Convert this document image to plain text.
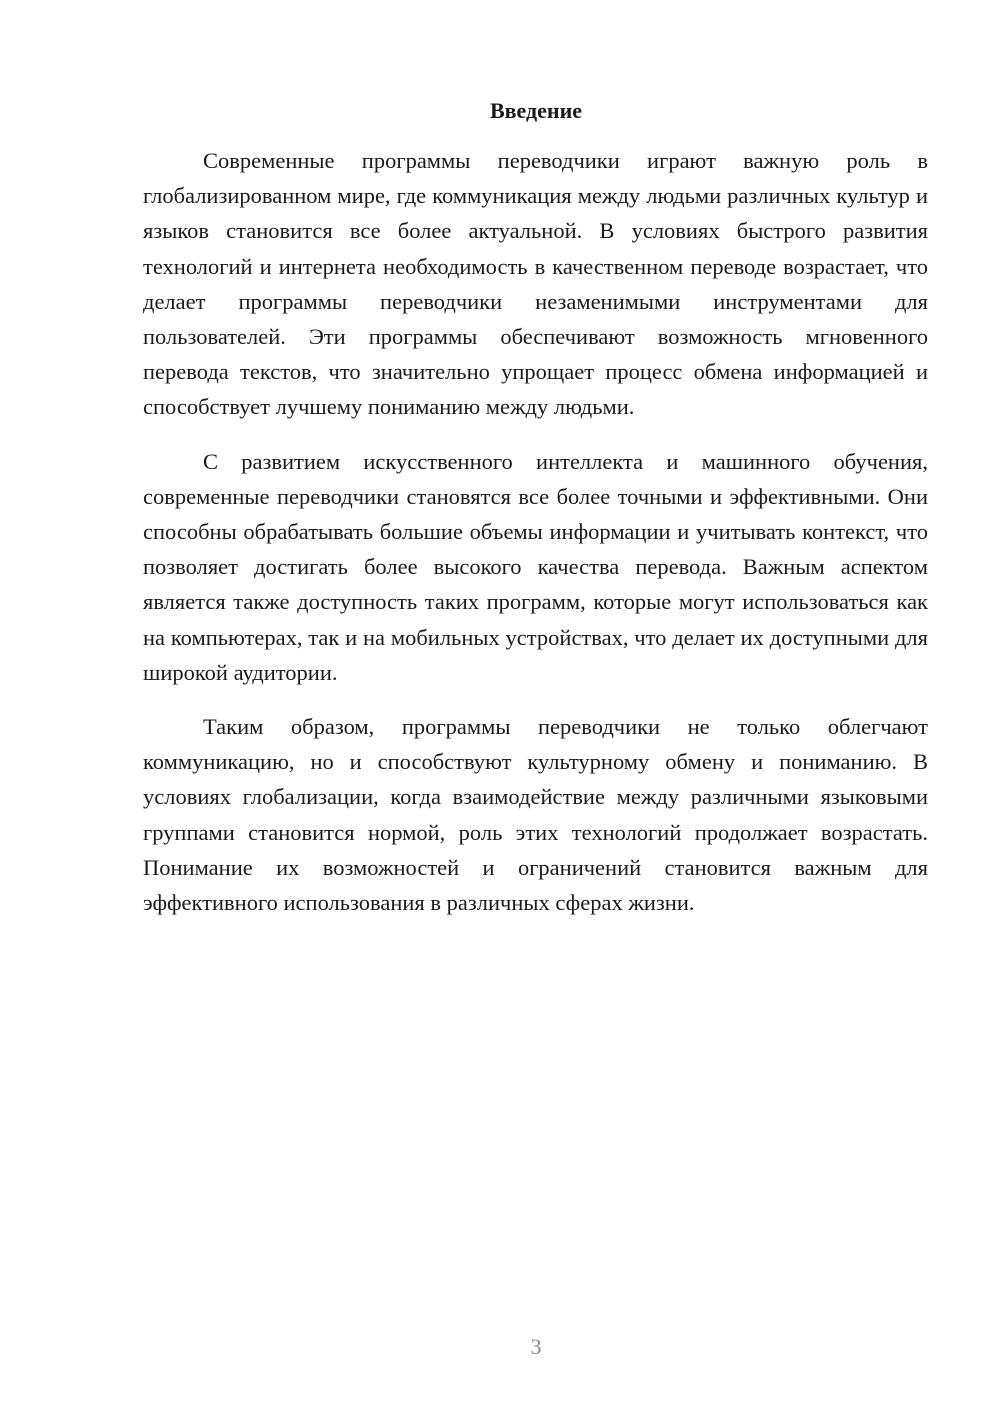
Введение

Современные программы переводчики играют важную роль в глобализированном мире, где коммуникация между людьми различных культур и языков становится все более актуальной. В условиях быстрого развития технологий и интернета необходимость в качественном переводе возрастает, что делает программы переводчики незаменимыми инструментами для пользователей. Эти программы обеспечивают возможность мгновенного перевода текстов, что значительно упрощает процесс обмена информацией и способствует лучшему пониманию между людьми.

С развитием искусственного интеллекта и машинного обучения, современные переводчики становятся все более точными и эффективными. Они способны обрабатывать большие объемы информации и учитывать контекст, что позволяет достигать более высокого качества перевода. Важным аспектом является также доступность таких программ, которые могут использоваться как на компьютерах, так и на мобильных устройствах, что делает их доступными для широкой аудитории.

Таким образом, программы переводчики не только облегчают коммуникацию, но и способствуют культурному обмену и пониманию. В условиях глобализации, когда взаимодействие между различными языковыми группами становится нормой, роль этих технологий продолжает возрастать. Понимание их возможностей и ограничений становится важным для эффективного использования в различных сферах жизни.

3
